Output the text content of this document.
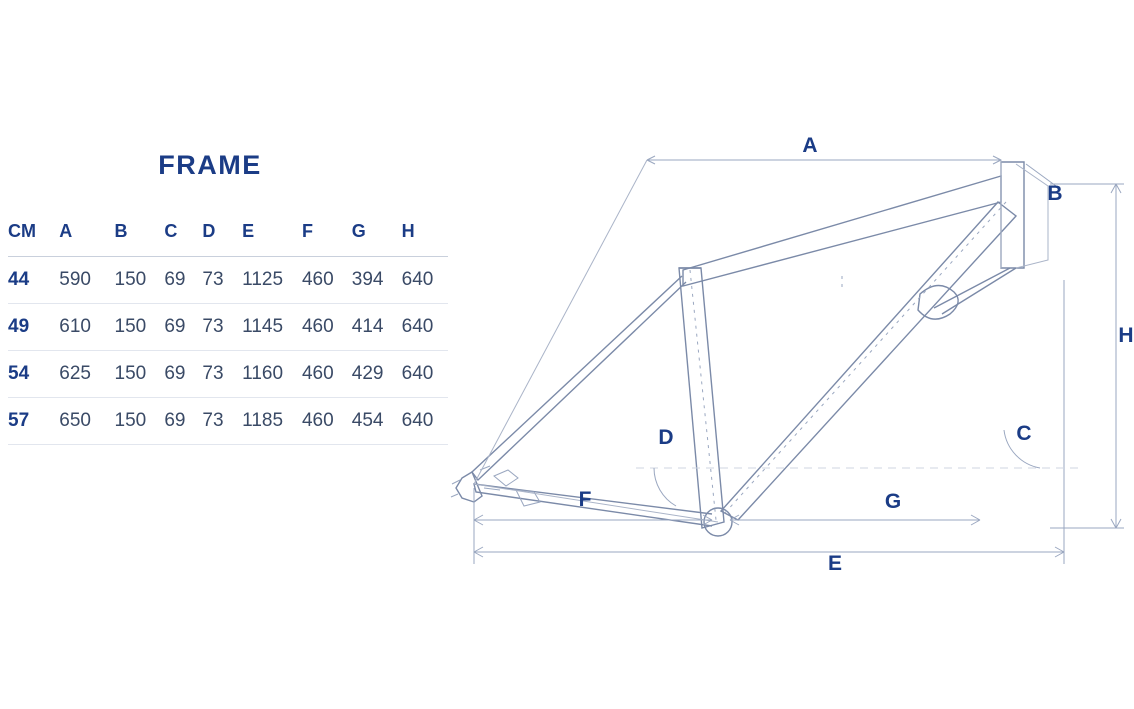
FRAME
CM	A	B	C	D	E	F	G	H
44	590	150	69	73	1125	460	394	640
49	610	150	69	73	1145	460	414	640
54	625	150	69	73	1160	460	429	640
57	650	150	69	73	1185	460	454	640
A
B
C
D
E
F	G
H
